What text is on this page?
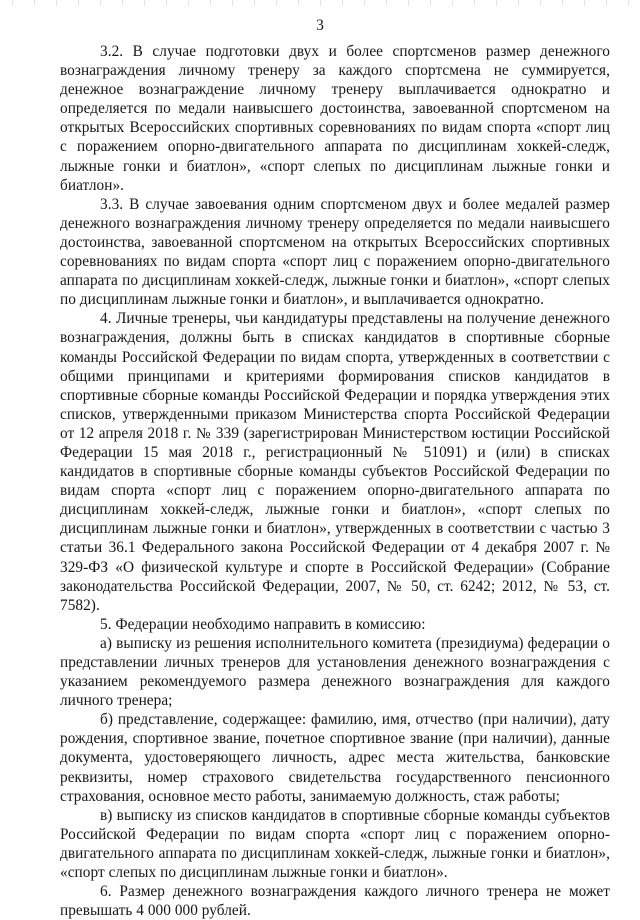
3

3.2. В случае подготовки двух и более спортсменов размер денежного вознаграждения личному тренеру за каждого спортсмена не суммируется, денежное вознаграждение личному тренеру выплачивается однократно и определяется по медали наивысшего достоинства, завоеванной спортсменом на открытых Всероссийских спортивных соревнованиях по видам спорта «спорт лиц с поражением опорно-двигательного аппарата по дисциплинам хоккей-следж, лыжные гонки и биатлон», «спорт слепых по дисциплинам лыжные гонки и биатлон».

3.3. В случае завоевания одним спортсменом двух и более медалей размер денежного вознаграждения личному тренеру определяется по медали наивысшего достоинства, завоеванной спортсменом на открытых Всероссийских спортивных соревнованиях по видам спорта «спорт лиц с поражением опорно-двигательного аппарата по дисциплинам хоккей-следж, лыжные гонки и биатлон», «спорт слепых по дисциплинам лыжные гонки и биатлон», и выплачивается однократно.

4. Личные тренеры, чьи кандидатуры представлены на получение денежного вознаграждения, должны быть в списках кандидатов в спортивные сборные команды Российской Федерации по видам спорта, утвержденных в соответствии с общими принципами и критериями формирования списков кандидатов в спортивные сборные команды Российской Федерации и порядка утверждения этих списков, утвержденными приказом Министерства спорта Российской Федерации от 12 апреля 2018 г. № 339 (зарегистрирован Министерством юстиции Российской Федерации 15 мая 2018 г., регистрационный № 51091) и (или) в списках кандидатов в спортивные сборные команды субъектов Российской Федерации по видам спорта «спорт лиц с поражением опорно-двигательного аппарата по дисциплинам хоккей-следж, лыжные гонки и биатлон», «спорт слепых по дисциплинам лыжные гонки и биатлон», утвержденных в соответствии с частью 3 статьи 36.1 Федерального закона Российской Федерации от 4 декабря 2007 г. № 329-ФЗ «О физической культуре и спорте в Российской Федерации» (Собрание законодательства Российской Федерации, 2007, № 50, ст. 6242; 2012, № 53, ст. 7582).

5. Федерации необходимо направить в комиссию:

а) выписку из решения исполнительного комитета (президиума) федерации о представлении личных тренеров для установления денежного вознаграждения с указанием рекомендуемого размера денежного вознаграждения для каждого личного тренера;

б) представление, содержащее: фамилию, имя, отчество (при наличии), дату рождения, спортивное звание, почетное спортивное звание (при наличии), данные документа, удостоверяющего личность, адрес места жительства, банковские реквизиты, номер страхового свидетельства государственного пенсионного страхования, основное место работы, занимаемую должность, стаж работы;

в) выписку из списков кандидатов в спортивные сборные команды субъектов Российской Федерации по видам спорта «спорт лиц с поражением опорно-двигательного аппарата по дисциплинам хоккей-следж, лыжные гонки и биатлон», «спорт слепых по дисциплинам лыжные гонки и биатлон».

6. Размер денежного вознаграждения каждого личного тренера не может превышать 4 000 000 рублей.
